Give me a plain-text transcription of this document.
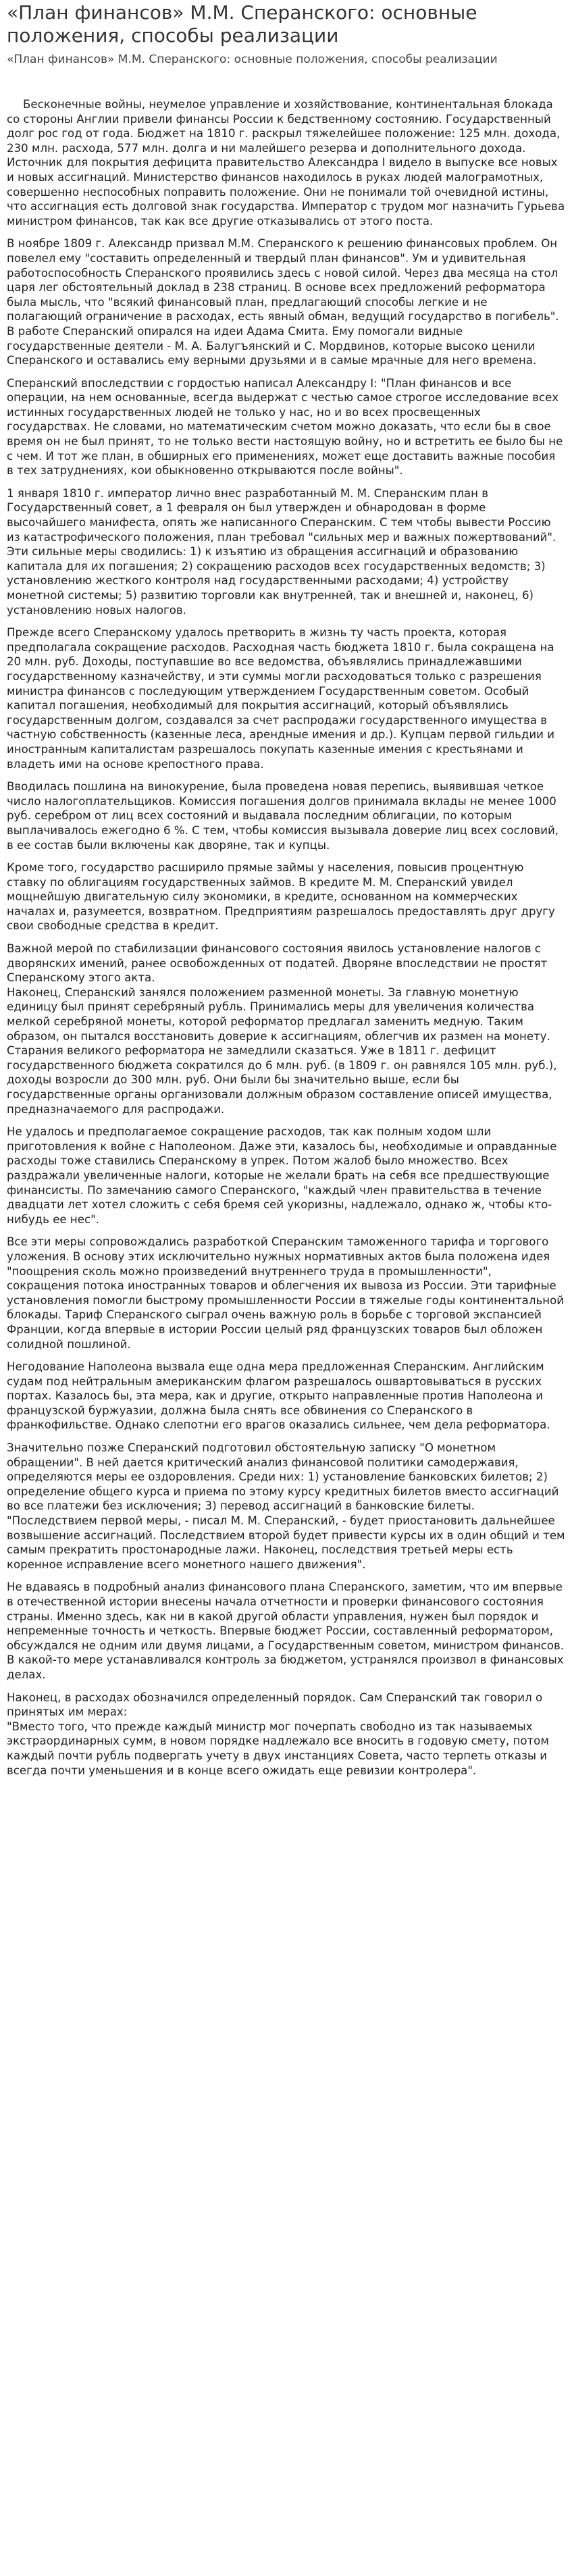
«План финансов» М.М. Сперанского: основные положения, способы реализации
«План финансов» М.М. Сперанского: основные положения, способы реализации

Бесконечные войны, неумелое управление и хозяйствование, континентальная блокада со стороны Англии привели финансы России к бедственному состоянию. Государственный долг рос год от года. Бюджет на 1810 г. раскрыл тяжелейшее положение: 125 млн. дохода, 230 млн. расхода, 577 млн. долга и ни малейшего резерва и дополнительного дохода. Источник для покрытия дефицита правительство Александра I видело в выпуске все новых и новых ассигнаций. Министерство финансов находилось в руках людей малограмотных, совершенно неспособных поправить положение. Они не понимали той очевидной истины, что ассигнация есть долговой знак государства. Император с трудом мог назначить Гурьева министром финансов, так как все другие отказывались от этого поста.

В ноябре 1809 г. Александр призвал М.М. Сперанского к решению финансовых проблем. Он повелел ему "составить определенный и твердый план финансов". Ум и удивительная работоспособность Сперанского проявились здесь с новой силой. Через два месяца на стол царя лег обстоятельный доклад в 238 страниц. В основе всех предложений реформатора была мысль, что "всякий финансовый план, предлагающий способы легкие и не полагающий ограничение в расходах, есть явный обман, ведущий государство в погибель". В работе Сперанский опирался на идеи Адама Смита. Ему помогали видные государственные деятели - М. А. Балугъянский и С. Мордвинов, которые высоко ценили Сперанского и оставались ему верными друзьями и в самые мрачные для него времена.

Сперанский впоследствии с гордостью написал Александру I: "План финансов и все операции, на нем основанные, всегда выдержат с честью самое строгое исследование всех истинных государственных людей не только у нас, но и во всех просвещенных государствах. Не словами, но математическим счетом можно доказать, что если бы в свое время он не был принят, то не только вести настоящую войну, но и встретить ее было бы не с чем. И тот же план, в обширных его применениях, может еще доставить важные пособия в тех затруднениях, кои обыкновенно открываются после войны".

1 января 1810 г. император лично внес разработанный М. М. Сперанским план в Государственный совет, а 1 февраля он был утвержден и обнародован в форме высочайшего манифеста, опять же написанного Сперанским. С тем чтобы вывести Россию из катастрофического положения, план требовал "сильных мер и важных пожертвований". Эти сильные меры сводились: 1) к изъятию из обращения ассигнаций и образованию капитала для их погашения; 2) сокращению расходов всех государственных ведомств; 3) установлению жесткого контроля над государственными расходами; 4) устройству монетной системы; 5) развитию торговли как внутренней, так и внешней и, наконец, 6) установлению новых налогов.

Прежде всего Сперанскому удалось претворить в жизнь ту часть проекта, которая предполагала сокращение расходов. Расходная часть бюджета 1810 г. была сокращена на 20 млн. руб. Доходы, поступавшие во все ведомства, объявлялись принадлежавшими государственному казначейству, и эти суммы могли расходоваться только с разрешения министра финансов с последующим утверждением Государственным советом. Особый капитал погашения, необходимый для покрытия ассигнаций, который объявлялись государственным долгом, создавался за счет распродажи государственного имущества в частную собственность (казенные леса, арендные имения и др.). Купцам первой гильдии и иностранным капиталистам разрешалось покупать казенные имения с крестьянами и владеть ими на основе крепостного права.

Вводилась пошлина на винокурение, была проведена новая перепись, выявившая четкое число налогоплательщиков. Комиссия погашения долгов принимала вклады не менее 1000 руб. серебром от лиц всех состояний и выдавала последним облигации, по которым выплачивалось ежегодно 6 %. С тем, чтобы комиссия вызывала доверие лиц всех сословий, в ее состав были включены как дворяне, так и купцы.

Кроме того, государство расширило прямые займы у населения, повысив процентную ставку по облигациям государственных займов. В кредите М. М. Сперанский увидел мощнейшую двигательную силу экономики, в кредите, основанном на коммерческих началах и, разумеется, возвратном. Предприятиям разрешалось предоставлять друг другу свои свободные средства в кредит.

Важной мерой по стабилизации финансового состояния явилось установление налогов с дворянских имений, ранее освобожденных от податей. Дворяне впоследствии не простят Сперанскому этого акта.
Наконец, Сперанский занялся положением разменной монеты. За главную монетную единицу был принят серебряный рубль. Принимались меры для увеличения количества мелкой серебряной монеты, которой реформатор предлагал заменить медную. Таким образом, он пытался восстановить доверие к ассигнациям, облегчив их размен на монету.
Старания великого реформатора не замедлили сказаться. Уже в 1811 г. дефицит государственного бюджета сократился до 6 млн. руб. (в 1809 г. он равнялся 105 млн. руб.), доходы возросли до 300 млн. руб. Они были бы значительно выше, если бы государственные органы организовали должным образом составление описей имущества, предназначаемого для распродажи.

Не удалось и предполагаемое сокращение расходов, так как полным ходом шли приготовления к войне с Наполеоном. Даже эти, казалось бы, необходимые и оправданные расходы тоже ставились Сперанскому в упрек. Потом жалоб было множество. Всех раздражали увеличенные налоги, которые не желали брать на себя все предшествующие финансисты. По замечанию самого Сперанского, "каждый член правительства в течение двадцати лет хотел сложить с себя бремя сей укоризны, надлежало, однако ж, чтобы кто-нибудь ее нес".

Все эти меры сопровождались разработкой Сперанским таможенного тарифа и торгового уложения. В основу этих исключительно нужных нормативных актов была положена идея "поощрения сколь можно произведений внутреннего труда в промышленности", сокращения потока иностранных товаров и облегчения их вывоза из России. Эти тарифные установления помогли быстрому промышленности России в тяжелые годы континентальной блокады. Тариф Сперанского сыграл очень важную роль в борьбе с торговой экспансией Франции, когда впервые в истории России целый ряд французских товаров был обложен солидной пошлиной.

Негодование Наполеона вызвала еще одна мера предложенная Сперанским. Английским судам под нейтральным американским флагом разрешалось ошвартовываться в русских портах. Казалось бы, эта мера, как и другие, открыто направленные против Наполеона и французской буржуазии, должна была снять все обвинения со Сперанского в франкофильстве. Однако слепотни его врагов оказались сильнее, чем дела реформатора.

Значительно позже Сперанский подготовил обстоятельную записку "О монетном обращении". В ней дается критический анализ финансовой политики самодержавия, определяются меры ее оздоровления. Среди них: 1) установление банковских билетов; 2) определение общего курса и приема по этому курсу кредитных билетов вместо ассигнаций во все платежи без исключения; 3) перевод ассигнаций в банковские билеты. "Последствием первой меры, - писал М. М. Сперанский, - будет приостановить дальнейшее возвышение ассигнаций. Последствием второй будет привести курсы их в один общий и тем самым прекратить простонародные лажи. Наконец, последствия третьей меры есть коренное исправление всего монетного нашего движения".

Не вдаваясь в подробный анализ финансового плана Сперанского, заметим, что им впервые в отечественной истории внесены начала отчетности и проверки финансового состояния страны. Именно здесь, как ни в какой другой области управления, нужен был порядок и непременные точность и четкость. Впервые бюджет России, составленный реформатором, обсуждался не одним или двумя лицами, а Государственным советом, министром финансов. В какой-то мере устанавливался контроль за бюджетом, устранялся произвол в финансовых делах.

Наконец, в расходах обозначился определенный порядок. Сам Сперанский так говорил о принятых им мерах:
"Вместо того, что прежде каждый министр мог почерпать свободно из так называемых экстраординарных сумм, в новом порядке надлежало все вносить в годовую смету, потом каждый почти рубль подвергать учету в двух инстанциях Совета, часто терпеть отказы и всегда почти уменьшения и в конце всего ожидать еще ревизии контролера".
